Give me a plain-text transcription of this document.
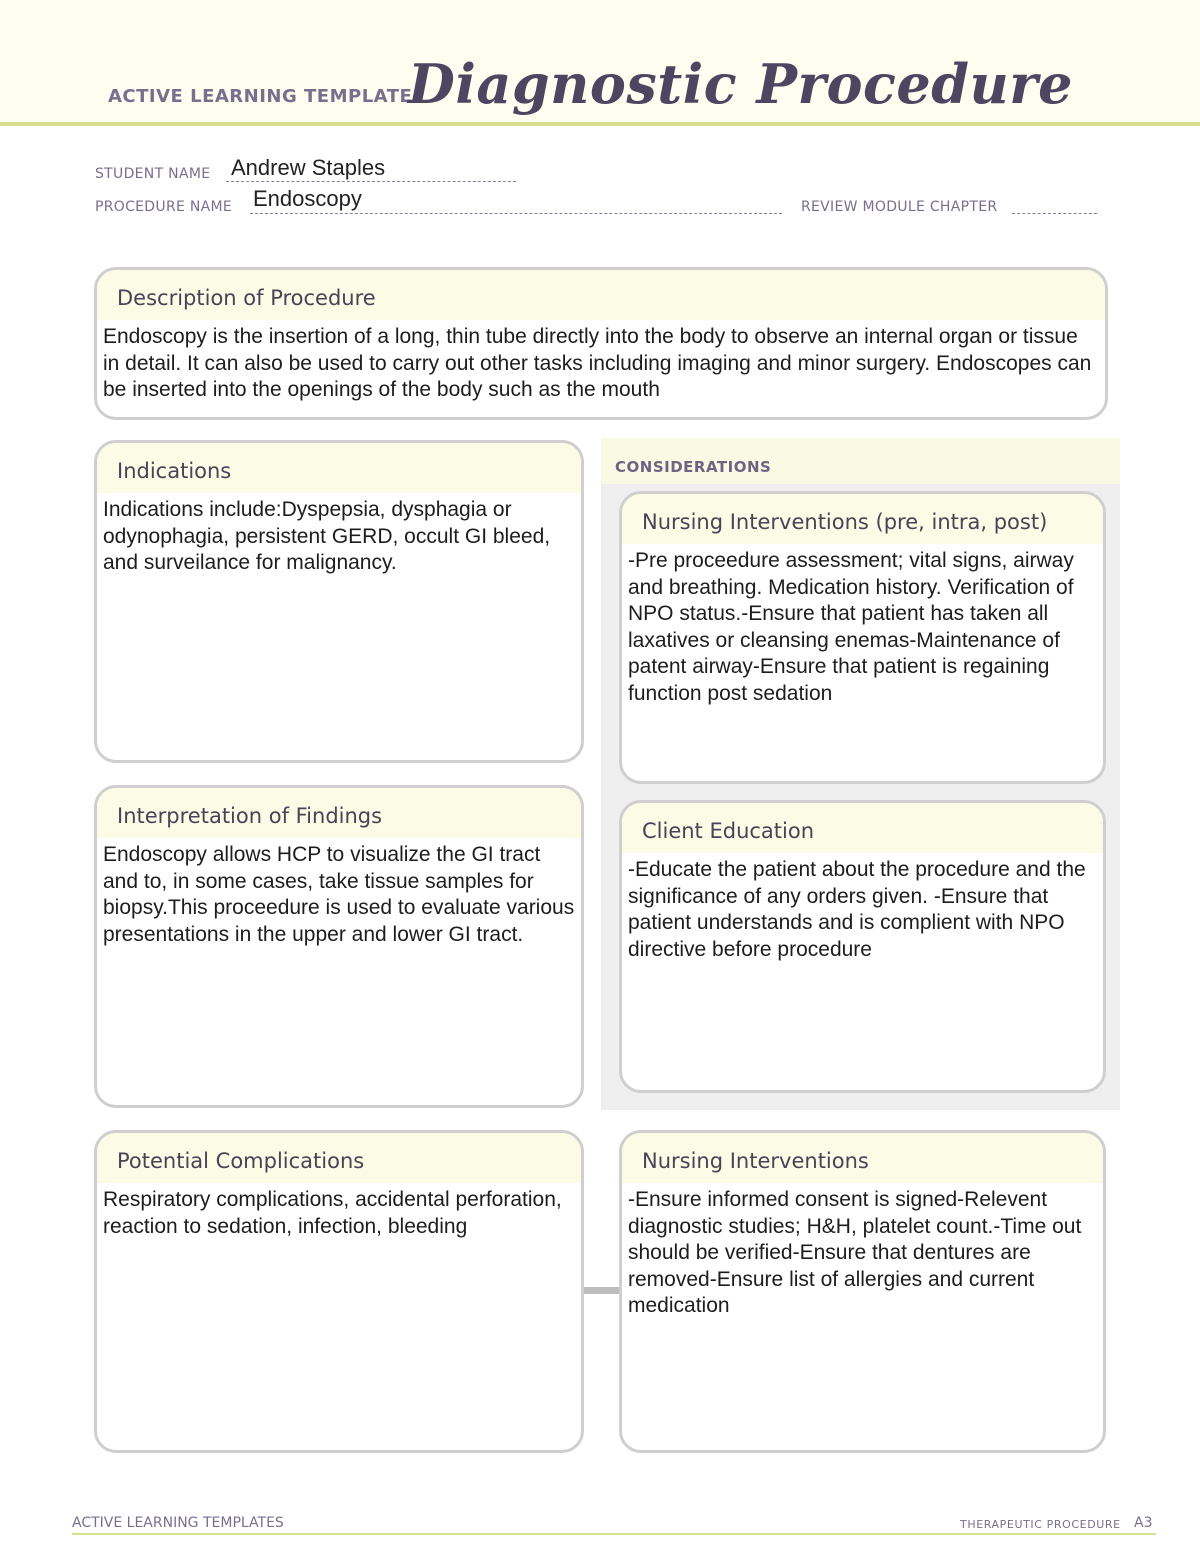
ACTIVE LEARNING TEMPLATE:
Diagnostic Procedure
STUDENT NAME Andrew Staples
PROCEDURE NAME Endoscopy	REVIEW MODULE CHAPTER
Description of Procedure
Endoscopy is the insertion of a long, thin tube directly into the body to observe an internal organ or tissue in detail. It can also be used to carry out other tasks including imaging and minor surgery. Endoscopes can be inserted into the openings of the body such as the mouth
CONSIDERATIONS
Indications
Indications include:Dyspepsia, dysphagia or odynophagia, persistent GERD, occult GI bleed, and surveilance for malignancy.
Nursing Interventions (pre, intra, post)
-Pre proceedure assessment; vital signs, airway and breathing. Medication history. Verification of NPO status.-Ensure that patient has taken all laxatives or cleansing enemas-Maintenance of patent airway-Ensure that patient is regaining function post sedation
Interpretation of Findings
Endoscopy allows HCP to visualize the GI tract and to, in some cases, take tissue samples for biopsy.This proceedure is used to evaluate various presentations in the upper and lower GI tract.
Client Education
-Educate the patient about the procedure and the significance of any orders given. -Ensure that patient understands and is complient with NPO directive before procedure
Potential Complications
Respiratory complications, accidental perforation, reaction to sedation, infection, bleeding
Nursing Interventions
-Ensure informed consent is signed-Relevent diagnostic studies; H&H, platelet count.-Time out should be verified-Ensure that dentures are removed-Ensure list of allergies and current medication
ACTIVE LEARNING TEMPLATES	THERAPEUTIC PROCEDURE A3
